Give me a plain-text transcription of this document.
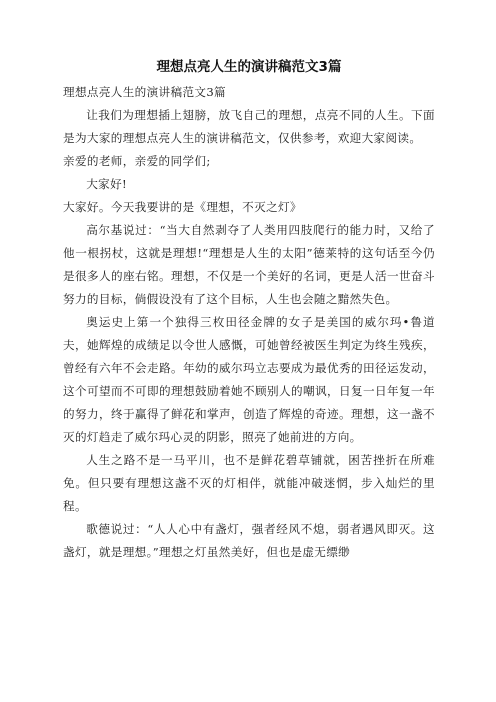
理想点亮人生的演讲稿范文3篇

理想点亮人生的演讲稿范文3篇

让我们为理想插上翅膀，放飞自己的理想，点亮不同的人生。下面是为大家的理想点亮人生的演讲稿范文，仅供参考，欢迎大家阅读。

亲爱的老师，亲爱的同学们;

大家好!

大家好。今天我要讲的是《理想，不灭之灯》

高尔基说过：“当大自然剥夺了人类用四肢爬行的能力时，又给了他一根拐杖，这就是理想!“理想是人生的太阳”德莱特的这句话至今仍是很多人的座右铭。理想，不仅是一个美好的名词，更是人活一世奋斗努力的目标，倘假设没有了这个目标，人生也会随之黯然失色。

奥运史上第一个独得三枚田径金牌的女子是美国的威尔玛•鲁道夫，她辉煌的成绩足以令世人感慨，可她曾经被医生判定为终生残疾，曾经有六年不会走路。年幼的威尔玛立志要成为最优秀的田径运发动，这个可望而不可即的理想鼓励着她不顾别人的嘲讽，日复一日年复一年的努力，终于赢得了鲜花和掌声，创造了辉煌的奇迹。理想，这一盏不灭的灯趋走了威尔玛心灵的阴影，照亮了她前进的方向。

人生之路不是一马平川，也不是鲜花碧草铺就，困苦挫折在所难免。但只要有理想这盏不灭的灯相伴，就能冲破迷惘，步入灿烂的里程。

歌德说过：“人人心中有盏灯，强者经风不熄，弱者遇风即灭。这盏灯，就是理想。”理想之灯虽然美好，但也是虚无缥缈
